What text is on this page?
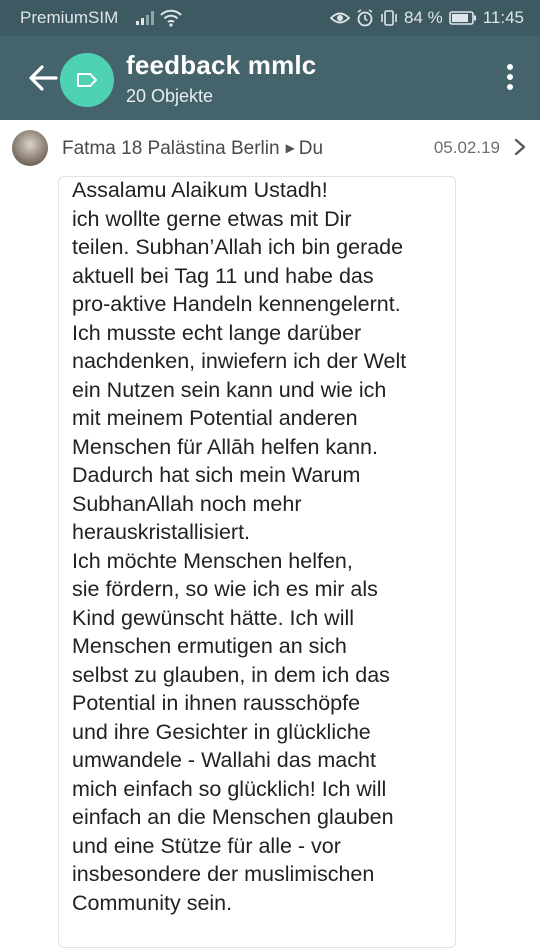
PremiumSIM	84 % 11:45
feedback mmlc
20 Objekte
Fatma 18 Palästina Berlin ▶ Du	05.02.19
Assalamu Alaikum Ustadh!
ich wollte gerne etwas mit Dir
teilen. Subhan’Allah ich bin gerade
aktuell bei Tag 11 und habe das
pro-aktive Handeln kennengelernt.
Ich musste echt lange darüber
nachdenken, inwiefern ich der Welt
ein Nutzen sein kann und wie ich
mit meinem Potential anderen
Menschen für Allāh helfen kann.
Dadurch hat sich mein Warum
SubhanAllah noch mehr
herauskristallisiert.
Ich möchte Menschen helfen,
sie fördern, so wie ich es mir als
Kind gewünscht hätte. Ich will
Menschen ermutigen an sich
selbst zu glauben, in dem ich das
Potential in ihnen rausschöpfe
und ihre Gesichter in glückliche
umwandele - Wallahi das macht
mich einfach so glücklich! Ich will
einfach an die Menschen glauben
und eine Stütze für alle - vor
insbesondere der muslimischen
Community sein.
